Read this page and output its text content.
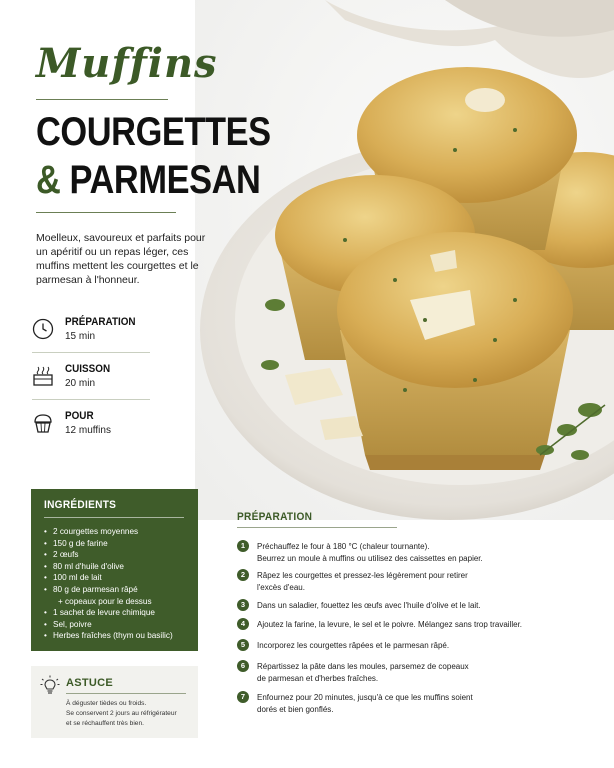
Muffins
COURGETTES
& PARMESAN
Moelleux, savoureux et parfaits pour un apéritif ou un repas léger, ces muffins mettent les courgettes et le parmesan à l'honneur.
PRÉPARATION
15 min
CUISSON
20 min
POUR
12 muffins
INGRÉDIENTS
• 2 courgettes moyennes
• 150 g de farine
• 2 œufs
• 80 ml d'huile d'olive
• 100 ml de lait
• 80 g de parmesan râpé
+ copeaux pour le dessus
• 1 sachet de levure chimique
• Sel, poivre
• Herbes fraîches (thym ou basilic)
ASTUCE

À déguster tièdes ou froids.
Se conservent 2 jours au réfrigérateur
et se réchauffent très bien.

PRÉPARATION
1	Préchauffez le four à 180 °C (chaleur tournante).
Beurrez un moule à muffins ou utilisez des caissettes en papier.
2	Râpez les courgettes et pressez-les légèrement pour retirer
l'excès d'eau.
3	Dans un saladier, fouettez les œufs avec l'huile d'olive et le lait.
4	Ajoutez la farine, la levure, le sel et le poivre. Mélangez sans trop travailler.
5	Incorporez les courgettes râpées et le parmesan râpé.
6	Répartissez la pâte dans les moules, parsemez de copeaux
de parmesan et d'herbes fraîches.
7	Enfournez pour 20 minutes, jusqu'à ce que les muffins soient
dorés et bien gonflés.
